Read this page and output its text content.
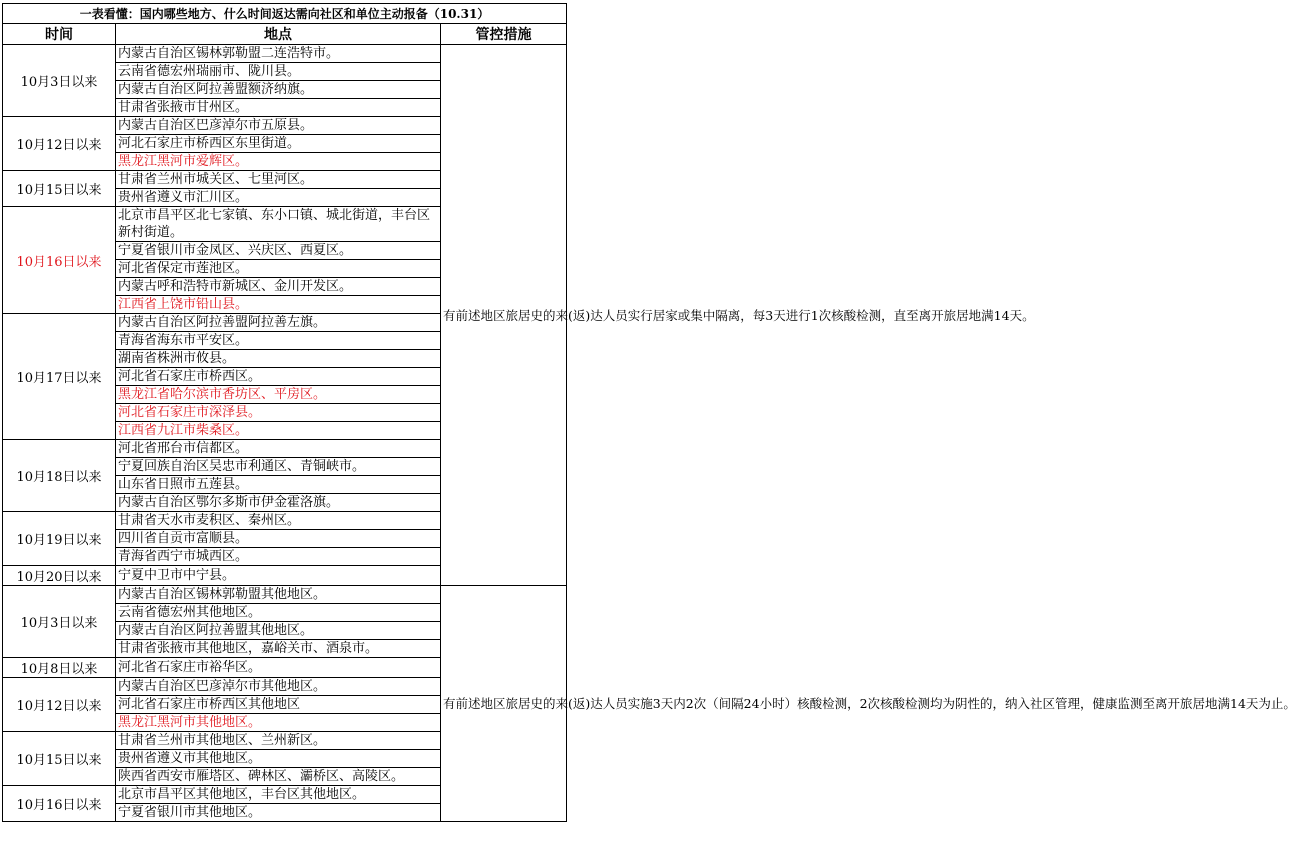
一表看懂：国内哪些地方、什么时间返达需向社区和单位主动报备（10.31）		
时间	地点	管控措施
10月3日以来	内蒙古自治区锡林郭勒盟二连浩特市。	有前述地区旅居史的来(返)达人员实行居家或集中隔离，每3天进行1次核酸检测，直至离开旅居地满14天。
	云南省德宏州瑞丽市、陇川县。	
	内蒙古自治区阿拉善盟额济纳旗。	
	甘肃省张掖市甘州区。	
10月12日以来	内蒙古自治区巴彦淖尔市五原县。	
	河北石家庄市桥西区东里街道。	
	黑龙江黑河市爱辉区。	
10月15日以来	甘肃省兰州市城关区、七里河区。	
	贵州省遵义市汇川区。	
10月16日以来	北京市昌平区北七家镇、东小口镇、城北街道，丰台区新村街道。	
	宁夏省银川市金凤区、兴庆区、西夏区。	
	河北省保定市莲池区。	
	内蒙古呼和浩特市新城区、金川开发区。	
	江西省上饶市铅山县。	
10月17日以来	内蒙古自治区阿拉善盟阿拉善左旗。	
	青海省海东市平安区。	
	湖南省株洲市攸县。	
	河北省石家庄市桥西区。	
	黑龙江省哈尔滨市香坊区、平房区。	
	河北省石家庄市深泽县。	
	江西省九江市柴桑区。	
10月18日以来	河北省邢台市信都区。	
	宁夏回族自治区吴忠市利通区、青铜峡市。	
	山东省日照市五莲县。	
	内蒙古自治区鄂尔多斯市伊金霍洛旗。	
10月19日以来	甘肃省天水市麦积区、秦州区。	
	四川省自贡市富顺县。	
	青海省西宁市城西区。	
10月20日以来	宁夏中卫市中宁县。	
10月3日以来	内蒙古自治区锡林郭勒盟其他地区。	有前述地区旅居史的来(返)达人员实施3天内2次（间隔24小时）核酸检测，2次核酸检测均为阴性的，纳入社区管理，健康监测至离开旅居地满14天为止。
	云南省德宏州其他地区。	
	内蒙古自治区阿拉善盟其他地区。	
	甘肃省张掖市其他地区，嘉峪关市、酒泉市。	
10月8日以来	河北省石家庄市裕华区。	
10月12日以来	内蒙古自治区巴彦淖尔市其他地区。	
	河北省石家庄市桥西区其他地区	
	黑龙江黑河市其他地区。	
10月15日以来	甘肃省兰州市其他地区、兰州新区。	
	贵州省遵义市其他地区。	
	陕西省西安市雁塔区、碑林区、灞桥区、高陵区。	
10月16日以来	北京市昌平区其他地区，丰台区其他地区。	
	宁夏省银川市其他地区。	
